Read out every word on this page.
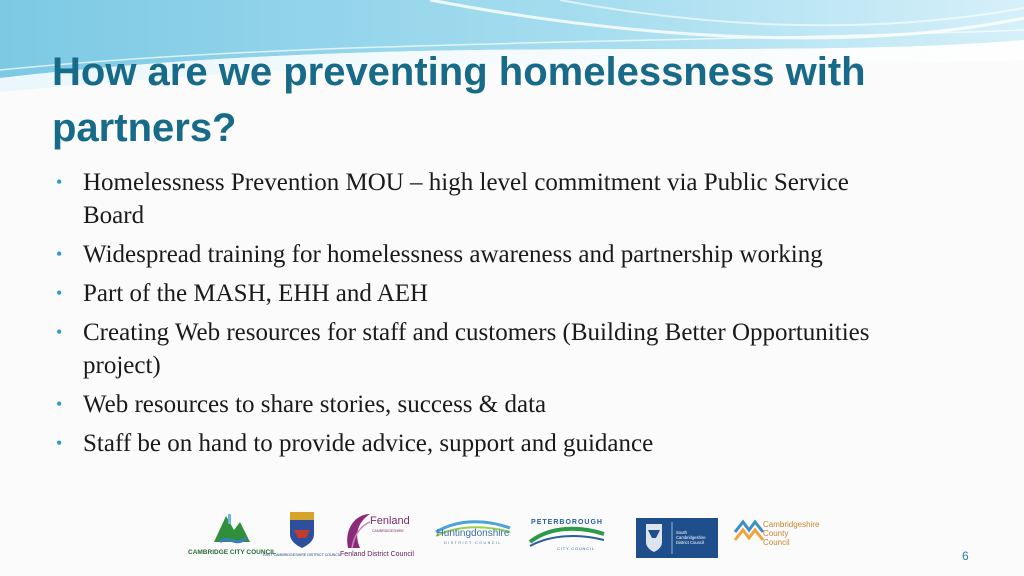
How are we preventing homelessness with partners?
• Homelessness Prevention MOU – high level commitment via Public Service Board
• Widespread training for homelessness awareness and partnership working
• Part of the MASH, EHH and AEH
• Creating Web resources for staff and customers (Building Better Opportunities project)
• Web resources to share stories, success & data
• Staff be on hand to provide advice, support and guidance
CAMBRIDGE CITY COUNCIL
EAST CAMBRIDGESHIRE DISTRICT COUNCIL
Fenland
CAMBRIDGESHIRE
Fenland District Council
Huntingdonshire
DISTRICT COUNCIL
PETERBOROUGH
CITY COUNCIL
South Cambridgeshire District Council
Cambridgeshire County Council
6
